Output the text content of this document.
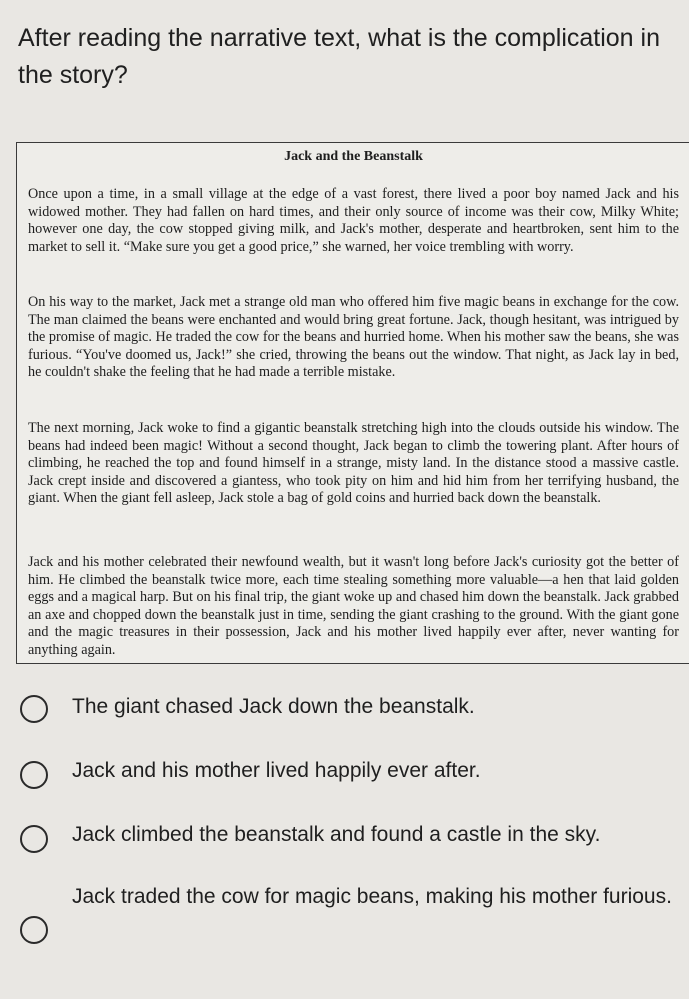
After reading the narrative text, what is the complication in the story?

Jack and the Beanstalk

Once upon a time, in a small village at the edge of a vast forest, there lived a poor boy named Jack and his widowed mother. They had fallen on hard times, and their only source of income was their cow, Milky White; however one day, the cow stopped giving milk, and Jack's mother, desperate and heartbroken, sent him to the market to sell it. “Make sure you get a good price,” she warned, her voice trembling with worry.

On his way to the market, Jack met a strange old man who offered him five magic beans in exchange for the cow. The man claimed the beans were enchanted and would bring great fortune. Jack, though hesitant, was intrigued by the promise of magic. He traded the cow for the beans and hurried home. When his mother saw the beans, she was furious. “You've doomed us, Jack!” she cried, throwing the beans out the window. That night, as Jack lay in bed, he couldn't shake the feeling that he had made a terrible mistake.

The next morning, Jack woke to find a gigantic beanstalk stretching high into the clouds outside his window. The beans had indeed been magic! Without a second thought, Jack began to climb the towering plant. After hours of climbing, he reached the top and found himself in a strange, misty land. In the distance stood a massive castle. Jack crept inside and discovered a giantess, who took pity on him and hid him from her terrifying husband, the giant. When the giant fell asleep, Jack stole a bag of gold coins and hurried back down the beanstalk.

Jack and his mother celebrated their newfound wealth, but it wasn't long before Jack's curiosity got the better of him. He climbed the beanstalk twice more, each time stealing something more valuable—a hen that laid golden eggs and a magical harp. But on his final trip, the giant woke up and chased him down the beanstalk. Jack grabbed an axe and chopped down the beanstalk just in time, sending the giant crashing to the ground. With the giant gone and the magic treasures in their possession, Jack and his mother lived happily ever after, never wanting for anything again.

The giant chased Jack down the beanstalk.
Jack and his mother lived happily ever after.
Jack climbed the beanstalk and found a castle in the sky.
Jack traded the cow for magic beans, making his mother furious.
